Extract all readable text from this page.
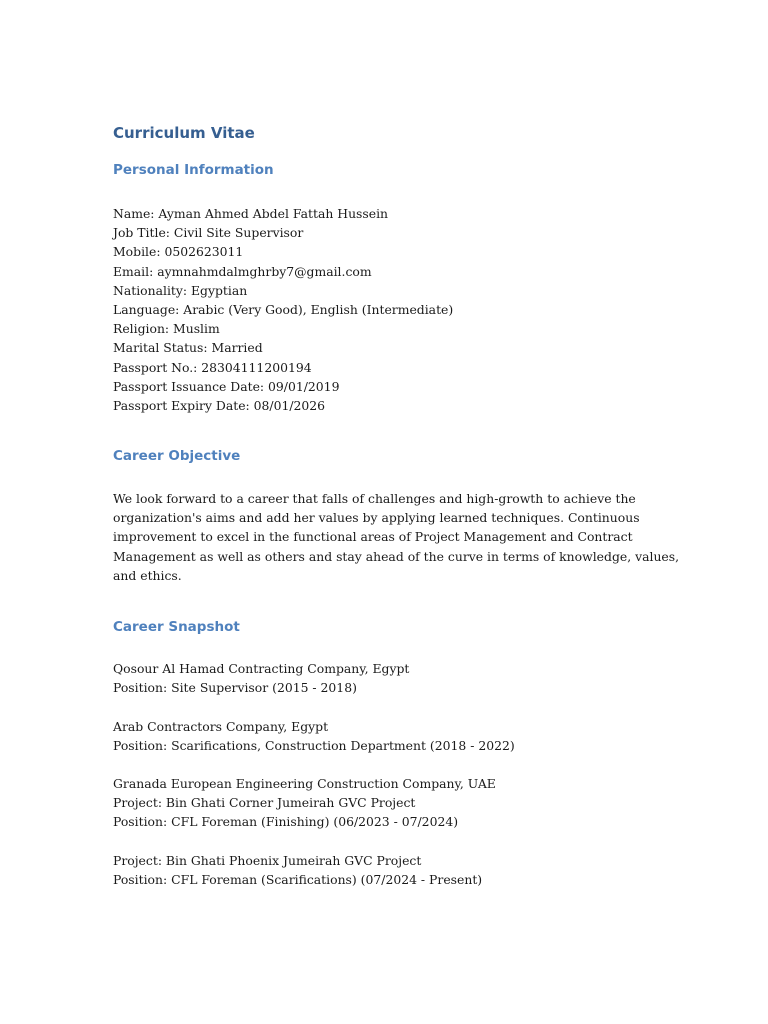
Curriculum Vitae
Personal Information
Name: Ayman Ahmed Abdel Fattah Hussein
Job Title: Civil Site Supervisor
Mobile: 0502623011
Email: aymnahmdalmghrby7@gmail.com
Nationality: Egyptian
Language: Arabic (Very Good), English (Intermediate)
Religion: Muslim
Marital Status: Married
Passport No.: 28304111200194
Passport Issuance Date: 09/01/2019
Passport Expiry Date: 08/01/2026
Career Objective
We look forward to a career that falls of challenges and high-growth to achieve the
organization's aims and add her values by applying learned techniques. Continuous
improvement to excel in the functional areas of Project Management and Contract
Management as well as others and stay ahead of the curve in terms of knowledge, values,
and ethics.
Career Snapshot
Qosour Al Hamad Contracting Company, Egypt
Position: Site Supervisor (2015 - 2018)
Arab Contractors Company, Egypt
Position: Scarifications, Construction Department (2018 - 2022)
Granada European Engineering Construction Company, UAE
Project: Bin Ghati Corner Jumeirah GVC Project
Position: CFL Foreman (Finishing) (06/2023 - 07/2024)
Project: Bin Ghati Phoenix Jumeirah GVC Project
Position: CFL Foreman (Scarifications) (07/2024 - Present)
